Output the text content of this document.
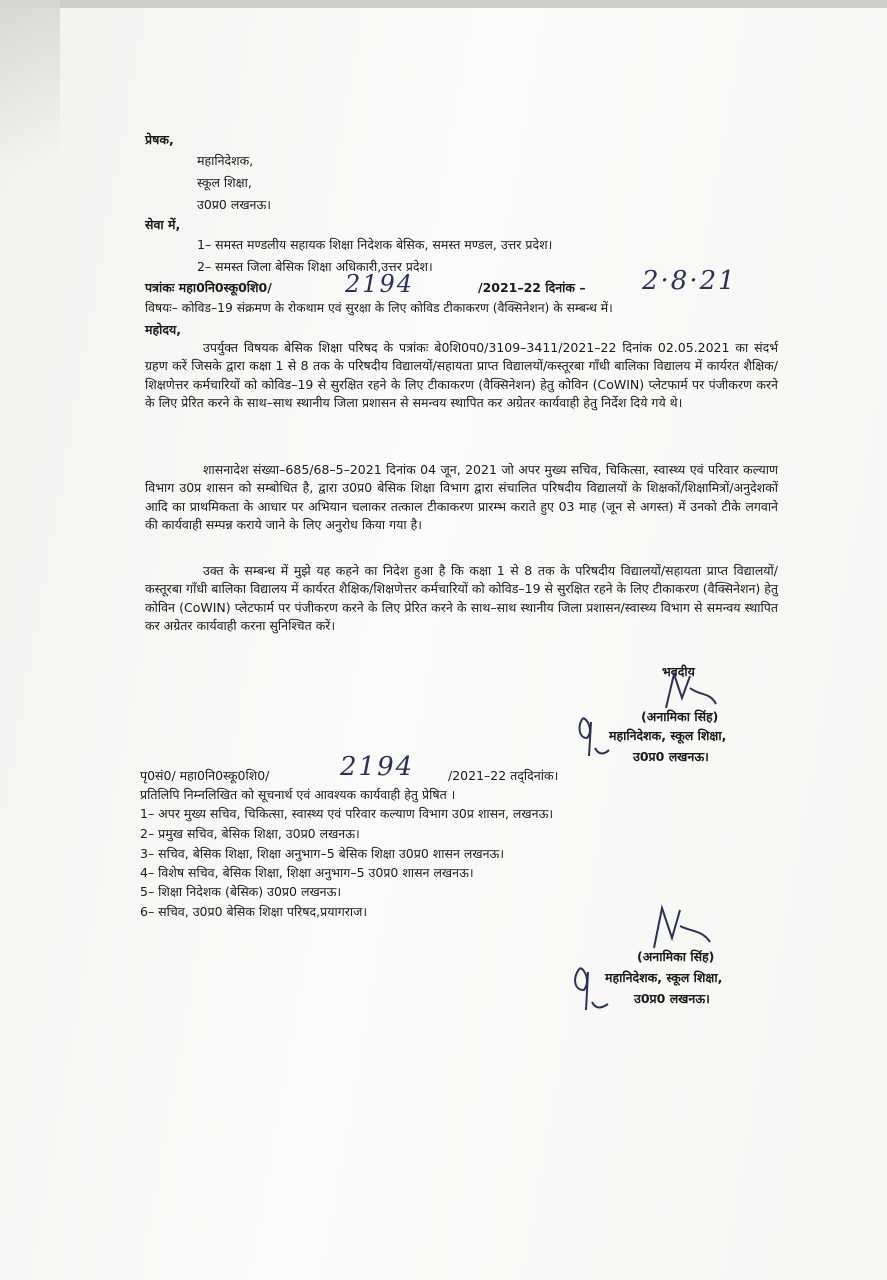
प्रेषक,
महानिदेशक,
स्कूल शिक्षा,
उ0प्र0 लखनऊ।
सेवा में,
1– समस्त मण्डलीय सहायक शिक्षा निदेशक बेसिक, समस्त मण्डल, उत्तर प्रदेश।
2– समस्त जिला बेसिक शिक्षा अधिकारी,उत्तर प्रदेश।
पत्रांकः महा0नि0स्कू0शि0/	2194	/2021–22 दिनांक – 2·8·21
विषयः– कोविड–19 संक्रमण के रोकथाम एवं सुरक्षा के लिए कोविड टीकाकरण (वैक्सिनेशन) के सम्बन्ध में।
महोदय,
उपर्युक्त विषयक बेसिक शिक्षा परिषद के पत्रांकः बे0शि0प0/3109–3411/2021–22 दिनांक 02.05.2021 का संदर्भ ग्रहण करें जिसके द्वारा कक्षा 1 से 8 तक के परिषदीय विद्यालयों/सहायता प्राप्त विद्यालयों/कस्तूरबा गाँधी बालिका विद्यालय में कार्यरत शैक्षिक/शिक्षणेत्तर कर्मचारियों को कोविड–19 से सुरक्षित रहने के लिए टीकाकरण (वैक्सिनेशन) हेतु कोविन (CoWIN) प्लेटफार्म पर पंजीकरण करने के लिए प्रेरित करने के साथ–साथ स्थानीय जिला प्रशासन से समन्वय स्थापित कर अग्रेतर कार्यवाही हेतु निर्देश दिये गये थे।
शासनादेश संख्या–685/68–5–2021 दिनांक 04 जून, 2021 जो अपर मुख्य सचिव, चिकित्सा, स्वास्थ्य एवं परिवार कल्याण विभाग उ0प्र शासन को सम्बोधित है, द्वारा उ0प्र0 बेसिक शिक्षा विभाग द्वारा संचालित परिषदीय विद्यालयों के शिक्षकों/शिक्षामित्रों/अनुदेशकों आदि का प्राथमिकता के आधार पर अभियान चलाकर तत्काल टीकाकरण प्रारम्भ कराते हुए 03 माह (जून से अगस्त) में उनको टीके लगवाने की कार्यवाही सम्पन्न कराये जाने के लिए अनुरोध किया गया है।
उक्त के सम्बन्ध में मुझे यह कहने का निदेश हुआ है कि कक्षा 1 से 8 तक के परिषदीय विद्यालयों/सहायता प्राप्त विद्यालयों/कस्तूरबा गाँधी बालिका विद्यालय में कार्यरत शैक्षिक/शिक्षणेत्तर कर्मचारियों को कोविड–19 से सुरक्षित रहने के लिए टीकाकरण (वैक्सिनेशन) हेतु कोविन (CoWIN) प्लेटफार्म पर पंजीकरण करने के लिए प्रेरित करने के साथ–साथ स्थानीय जिला प्रशासन/स्वास्थ्य विभाग से समन्वय स्थापित कर अग्रेतर कार्यवाही करना सुनिश्चित करें।
भवदीय
(अनामिका सिंह)
महानिदेशक, स्कूल शिक्षा,
उ0प्र0 लखनऊ।
पृ0सं0/ महा0नि0स्कू0शि0/	2194	/2021–22 तद्‌दिनांक।
प्रतिलिपि निम्नलिखित को सूचनार्थ एवं आवश्यक कार्यवाही हेतु प्रेषित ।
1– अपर मुख्य सचिव, चिकित्सा, स्वास्थ्य एवं परिवार कल्याण विभाग उ0प्र शासन, लखनऊ।
2– प्रमुख सचिव, बेसिक शिक्षा, उ0प्र0 लखनऊ।
3– सचिव, बेसिक शिक्षा, शिक्षा अनुभाग–5 बेसिक शिक्षा उ0प्र0 शासन लखनऊ।
4– विशेष सचिव, बेसिक शिक्षा, शिक्षा अनुभाग–5 उ0प्र0 शासन लखनऊ।
5– शिक्षा निदेशक (बेसिक) उ0प्र0 लखनऊ।
6– सचिव, उ0प्र0 बेसिक शिक्षा परिषद,प्रयागराज।
(अनामिका सिंह)
महानिदेशक, स्कूल शिक्षा,
उ0प्र0 लखनऊ।
